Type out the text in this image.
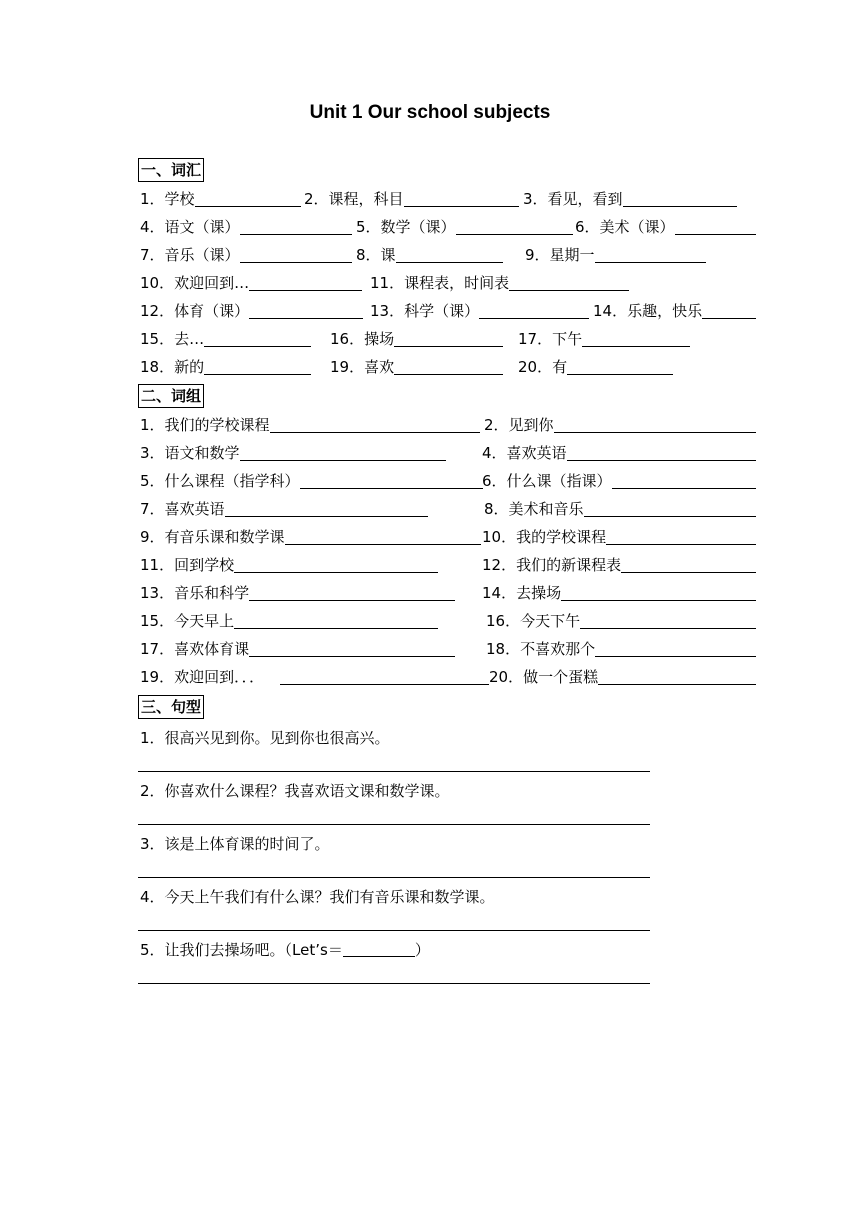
Unit 1 Our school subjects
一、词汇
1．学校	2．课程，科目	3．看见，看到
4．语文（课）	5．数学（课）	6．美术（课）
7．音乐（课）	8．课	9．星期一
10．欢迎回到…	11．课程表，时间表
12．体育（课）	13．科学（课）	14．乐趣，快乐
15．去…	16．操场	17．下午
18．新的	19．喜欢	20．有
二、词组
1．我们的学校课程	2．见到你
3．语文和数学	4．喜欢英语
5．什么课程（指学科）	6．什么课（指课）
7．喜欢英语	8．美术和音乐
9．有音乐课和数学课	10．我的学校课程
11．回到学校	12．我们的新课程表
13．音乐和科学	14．去操场
15．今天早上	16．今天下午
17．喜欢体育课	18．不喜欢那个
19．欢迎回到．．．	20．做一个蛋糕
三、句型
1．很高兴见到你。见到你也很高兴。
2．你喜欢什么课程？我喜欢语文课和数学课。
3．该是上体育课的时间了。
4．今天上午我们有什么课？我们有音乐课和数学课。
5．让我们去操场吧。（Let’s＝	）
